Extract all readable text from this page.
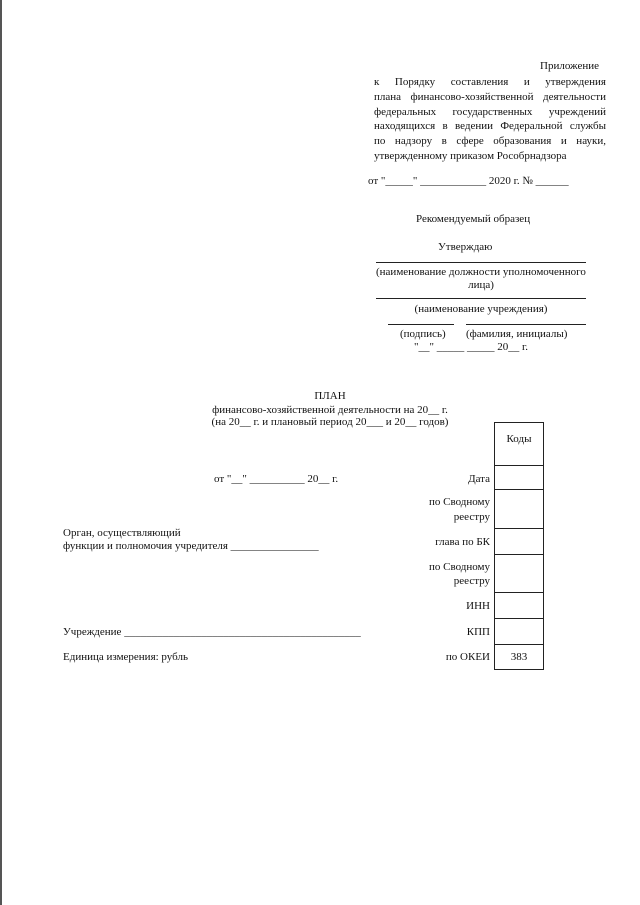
Приложение
к Порядку составления и утверждения
плана финансово-хозяйственной деятельности
федеральных государственных учреждений
находящихся в ведении Федеральной службы
по надзору в сфере образования и науки,
утвержденному приказом Рособрнадзора
от "_____" ____________ 2020 г. № ______
Рекомендуемый образец
Утверждаю
(наименование должности уполномоченного
лица)
(наименование учреждения)
(подпись) (фамилия, инициалы)
"__" _____ _____ 20__ г.
ПЛАН
финансово-хозяйственной деятельности на 20__ г.
(на 20__ г. и плановый период 20___ и 20__ годов)
от "__" __________ 20__ г.
Орган, осуществляющий
функции и полномочия учредителя ________________
Учреждение ___________________________________________
Единица измерения: рубль
Коды
Дата
по Сводному
реестру
глава по БК
по Сводному
реестру
ИНН
КПП
по ОКЕИ	383
